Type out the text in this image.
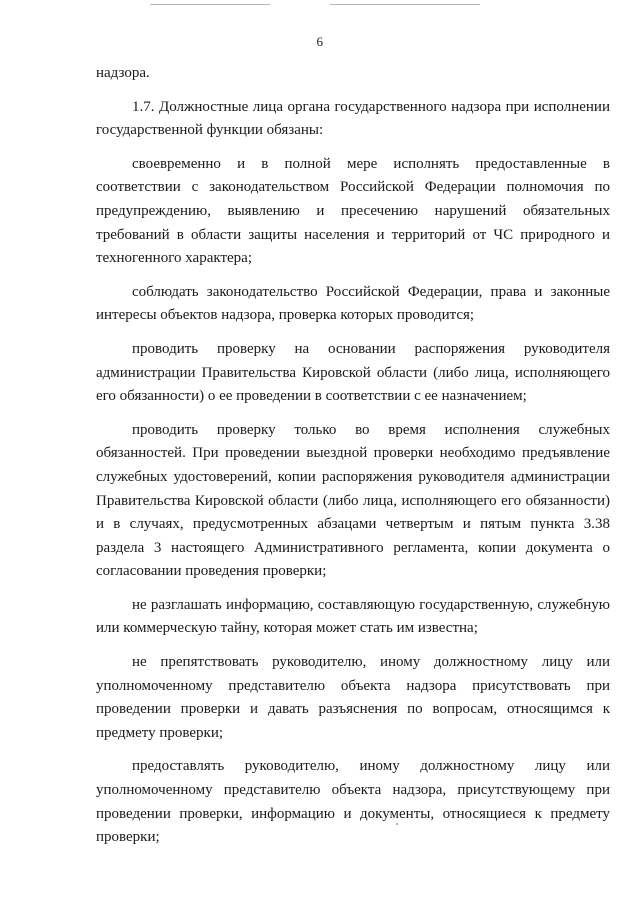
6

надзора.

1.7. Должностные лица органа государственного надзора при исполнении государственной функции обязаны:

своевременно и в полной мере исполнять предоставленные в соответствии с законодательством Российской Федерации полномочия по предупреждению, выявлению и пресечению нарушений обязательных требований в области защиты населения и территорий от ЧС природного и техногенного характера;

соблюдать законодательство Российской Федерации, права и законные интересы объектов надзора, проверка которых проводится;

проводить проверку на основании распоряжения руководителя администрации Правительства Кировской области (либо лица, исполняющего его обязанности) о ее проведении в соответствии с ее назначением;

проводить проверку только во время исполнения служебных обязанностей. При проведении выездной проверки необходимо предъявление служебных удостоверений, копии распоряжения руководителя администрации Правительства Кировской области (либо лица, исполняющего его обязанности) и в случаях, предусмотренных абзацами четвертым и пятым пункта 3.38 раздела 3 настоящего Административного регламента, копии документа о согласовании проведения проверки;

не разглашать информацию, составляющую государственную, служебную или коммерческую тайну, которая может стать им известна;

не препятствовать руководителю, иному должностному лицу или уполномоченному представителю объекта надзора присутствовать при проведении проверки и давать разъяснения по вопросам, относящимся к предмету проверки;

предоставлять руководителю, иному должностному лицу или уполномоченному представителю объекта надзора, присутствующему при проведении проверки, информацию и документы, относящиеся к предмету проверки;
